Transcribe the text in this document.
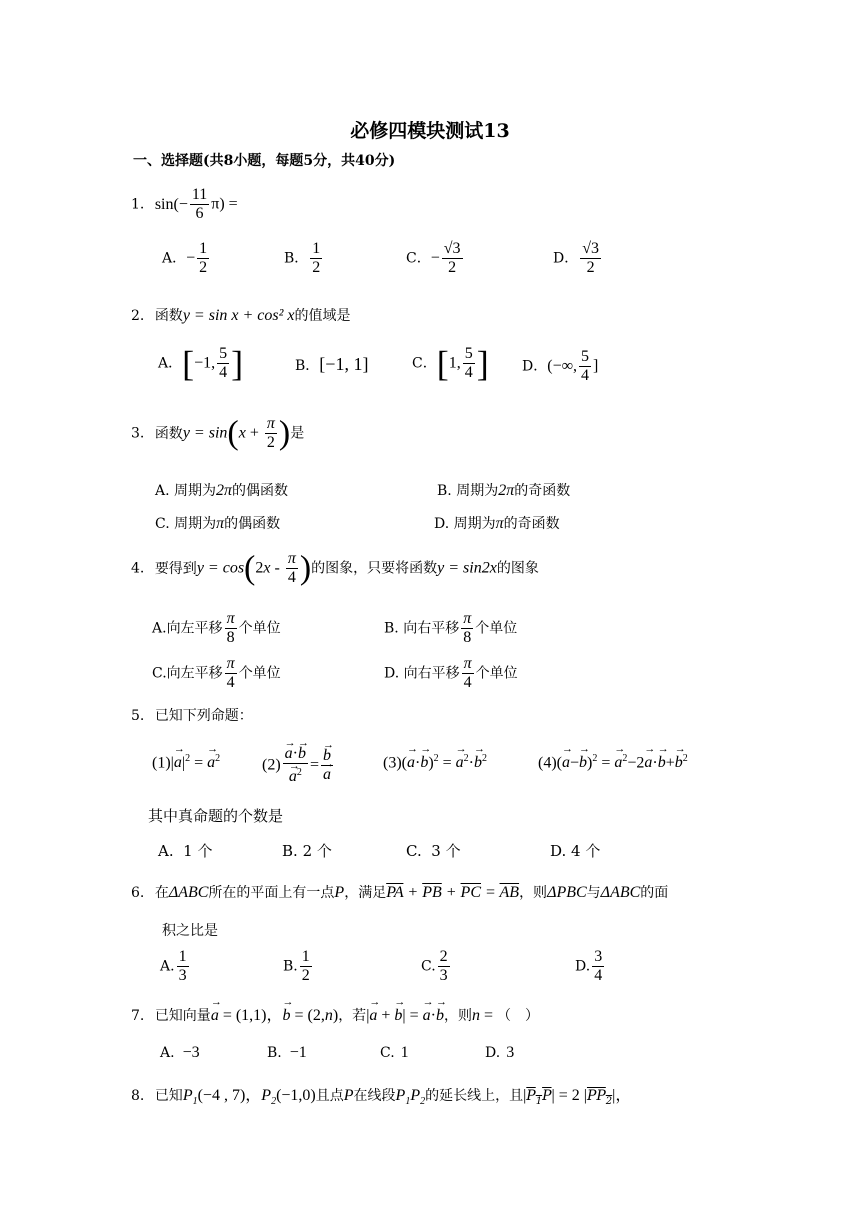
必修四模块测试13
一、选择题(共8小题，每题5分，共40分)
1. $\sin(- \frac{11}{6} \pi)$ =
A．− $\frac{1}{2}$	B． $\frac{1}{2}$	C．− $\frac{√3}{2}$	D． $\frac{√3}{2}$
2. 函数y = sin x + cos² x的值域是
A．[−1, $\frac{5}{4}$ ]	B．[−1, 1]	C．[1, $\frac{5}{4}$ ] D．(−∞, $\frac{5}{4}$ ]
3. 函数$y = \sin(x + \frac{\pi}{2}$ )是
A. 周期为2π的偶函数	B. 周期为2π的奇函数
C. 周期为π的偶函数	D. 周期为π的奇函数
4. 要得到$y = \cos(2x - \frac{\pi}{4}$ )的图象，只要将函数y = sin2x的图象
A.向左平移 $\frac{\pi}{8}$ 个单位	B. 向右平移 $\frac{\pi}{8}$ 个单位
C.向左平移 $\frac{\pi}{4}$ 个单位	D. 向右平移 $\frac{\pi}{4}$ 个单位
5. 已知下列命题：
$(1)|\to a|^2$ = → $a^2$	(2) → a·→ b
→ $a^2$ = → b
→ a	$(3)(\to a\cdot\to b)^2$ = → $a^2\cdot\to b^2$	$(4)(\to a-\to b)^2$ = → $a^2-2\to a\cdot\to b+\to b^2$
其中真命题的个数是
A. 1 个	B. 2 个	C. 3 个	D. 4 个
6. 在ΔABC所在的平面上有一点P，满足$\overline{PA} + \overline{PB} + \overline{PC} = \overline{AB}$，则ΔPBC与ΔABC的面
积之比是
A. $\frac{1}{3}$	B. $\frac{1}{2}$	C. $\frac{2}{3}$	D. $\frac{3}{4}$
7. 已知向量→ a = (1,1)，→ b = (2,n)，若|→ a + → b| = → a·→ b，则n = （　）
A. −3	B. −1	C. 1	D. 3
8. 已知$P_1(-4$ , 7)，$P_2(-1,0)$且点P在线段$P_1P_2$的延长线上，且$|P_1P| = 2$ $|PP_2|$，
